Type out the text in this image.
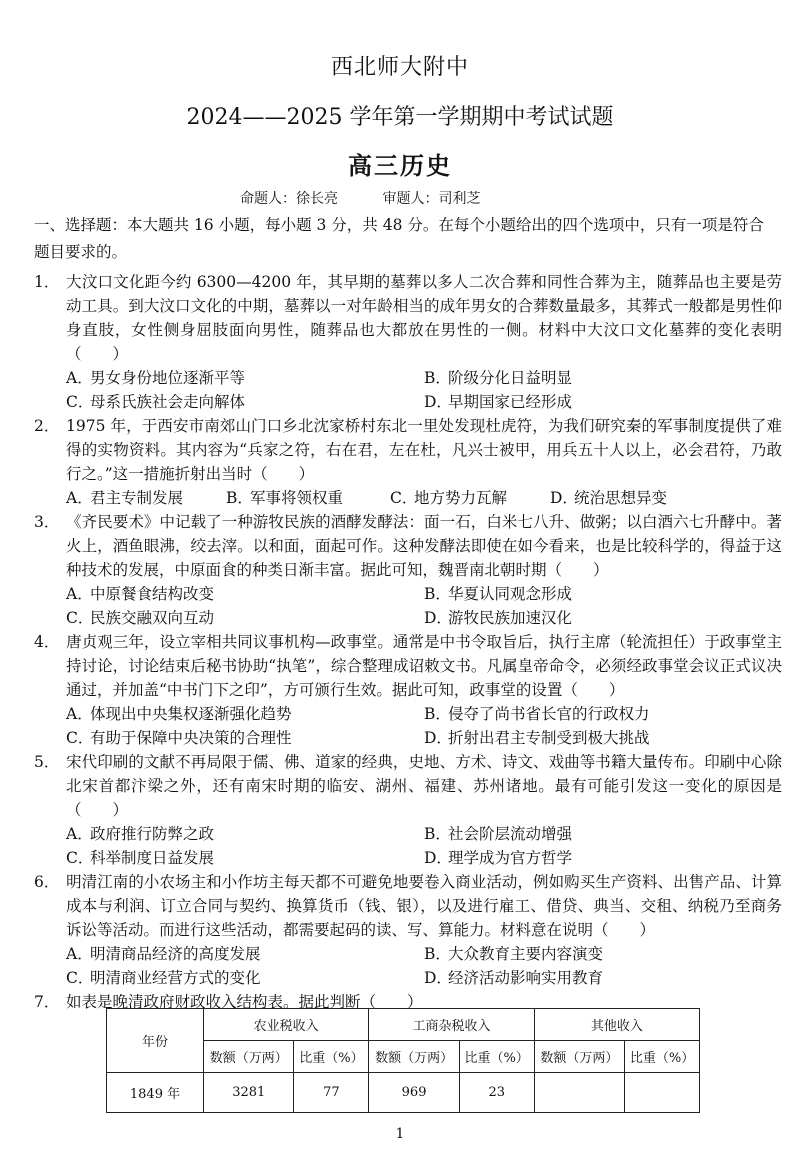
西北师大附中
2024——2025 学年第一学期期中考试试题
高三历史
命题人：徐长亮	审题人：司利芝
一、选择题：本大题共 16 小题，每小题 3 分，共 48 分。在每个小题给出的四个选项中，只有一项是符合题目要求的。
1． 大汶口文化距今约 6300—4200 年，其早期的墓葬以多人二次合葬和同性合葬为主，随葬品也主要是劳动工具。到大汶口文化的中期，墓葬以一对年龄相当的成年男女的合葬数量最多，其葬式一般都是男性仰身直肢，女性侧身屈肢面向男性，随葬品也大都放在男性的一侧。材料中大汶口文化墓葬的变化表明（　　）
A．男女身份地位逐渐平等	B．阶级分化日益明显
C．母系氏族社会走向解体	D．早期国家已经形成
2． 1975 年，于西安市南郊山门口乡北沈家桥村东北一里处发现杜虎符，为我们研究秦的军事制度提供了难得的实物资料。其内容为“兵家之符，右在君，左在杜，凡兴士被甲，用兵五十人以上，必会君符，乃敢行之。”这一措施折射出当时（　　）
A．君主专制发展	B．军事将领权重	C．地方势力瓦解	D．统治思想异变
3． 《齐民要术》中记载了一种游牧民族的酒酵发酵法：面一石，白米七八升、做粥；以白酒六七升酵中。著火上，酒鱼眼沸，绞去滓。以和面，面起可作。这种发酵法即使在如今看来，也是比较科学的，得益于这种技术的发展，中原面食的种类日渐丰富。据此可知，魏晋南北朝时期（　　）
A．中原餐食结构改变	B．华夏认同观念形成
C．民族交融双向互动	D．游牧民族加速汉化
4． 唐贞观三年，设立宰相共同议事机构—政事堂。通常是中书令取旨后，执行主席（轮流担任）于政事堂主持讨论，讨论结束后秘书协助“执笔”，综合整理成诏敕文书。凡属皇帝命令，必须经政事堂会议正式议决通过，并加盖“中书门下之印”，方可颁行生效。据此可知，政事堂的设置（　　）
A．体现出中央集权逐渐强化趋势	B．侵夺了尚书省长官的行政权力
C．有助于保障中央决策的合理性	D．折射出君主专制受到极大挑战
5． 宋代印刷的文献不再局限于儒、佛、道家的经典，史地、方术、诗文、戏曲等书籍大量传布。印刷中心除北宋首都汴梁之外，还有南宋时期的临安、湖州、福建、苏州诸地。最有可能引发这一变化的原因是（　　）
A．政府推行防弊之政	B．社会阶层流动增强
C．科举制度日益发展	D．理学成为官方哲学
6． 明清江南的小农场主和小作坊主每天都不可避免地要卷入商业活动，例如购买生产资料、出售产品、计算成本与利润、订立合同与契约、换算货币（钱、银），以及进行雇工、借贷、典当、交租、纳税乃至商务诉讼等活动。而进行这些活动，都需要起码的读、写、算能力。材料意在说明（　　）
A．明清商品经济的高度发展	B．大众教育主要内容演变
C．明清商业经营方式的变化	D．经济活动影响实用教育
7． 如表是晚清政府财政收入结构表。据此判断（　　）
年份	农业税收入		工商杂税收入		其他收入	
	数额（万两）	比重（%）	数额（万两）	比重（%）	数额（万两）	比重（%）
1849 年	3281	77	969	23		
1
